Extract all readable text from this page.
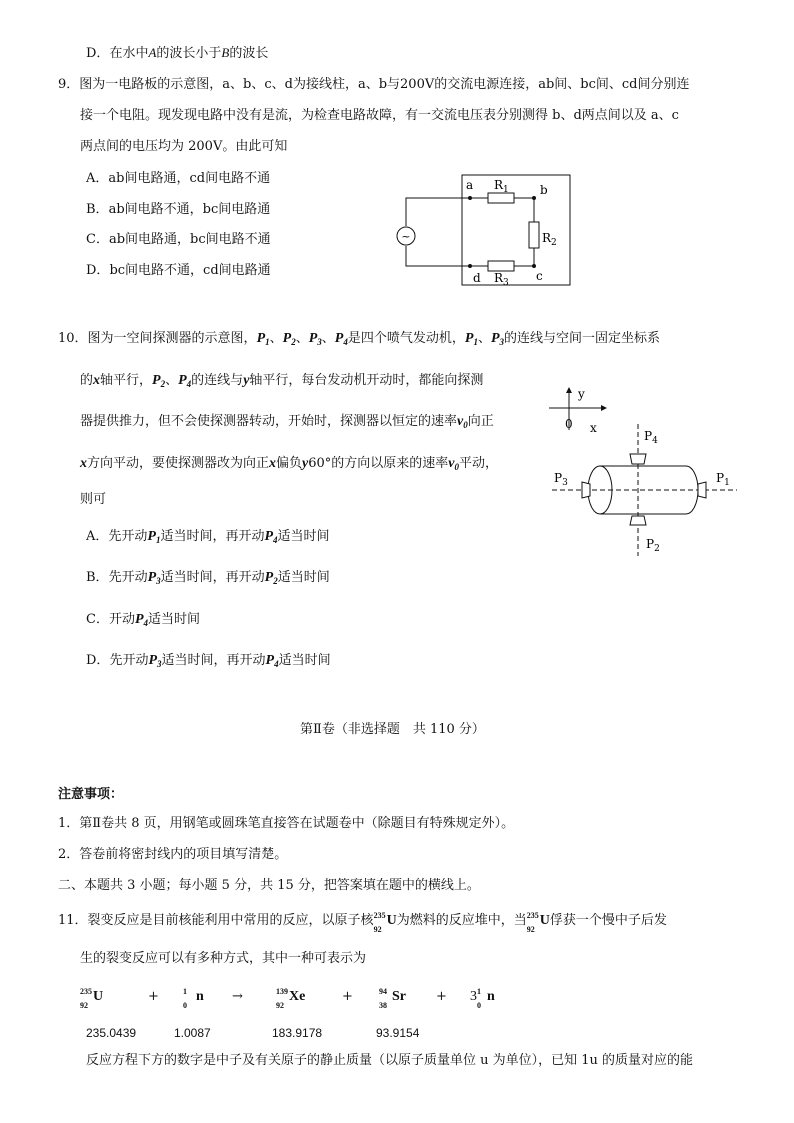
D．在水中A的波长小于B的波长
9．图为一电路板的示意图，a、b、c、d为接线柱，a、b与200V的交流电源连接，ab间、bc间、cd间分别连
接一个电阻。现发现电路中没有是流，为检查电路故障，有一交流电压表分别测得 b、d两点间以及 a、c
两点间的电压均为 200V。由此可知
A．ab间电路通，cd间电路不通
B．ab间电路不通，bc间电路通
C．ab间电路通，bc间电路不通
D．bc间电路不通，cd间电路通
~
a	b
c
d
$R_1$
$R_2$
$R_3$
10．图为一空间探测器的示意图，$P_1$、$P_2$、$P_3$、$P_4$是四个喷气发动机，$P_1$、$P_3$的连线与空间一固定坐标系
的x轴平行，$P_2$、$P_4$的连线与y轴平行，每台发动机开动时，都能向探测
器提供推力，但不会使探测器转动，开始时，探测器以恒定的速率$v_0$向正
x方向平动，要使探测器改为向正x偏负y60°的方向以原来的速率$v_0$平动，
则可
A．先开动$P_1$适当时间，再开动$P_4$适当时间
B．先开动$P_3$适当时间，再开动$P_2$适当时间
C．开动$P_4$适当时间
D．先开动$P_3$适当时间，再开动$P_4$适当时间
y
x
0
$P_4$
$P_2$
$P_3$	$P_1$
第Ⅱ卷（非选择题　共 110 分）
注意事项：
1．第Ⅱ卷共 8 页，用钢笔或圆珠笔直接答在试题卷中（除题目有特殊规定外）。
2．答卷前将密封线内的项目填写清楚。
二、本题共 3 小题；每小题 5 分，共 15 分，把答案填在题中的横线上。
11．裂变反应是目前核能利用中常用的反应，以原子核 235
92
U为燃料的反应堆中，当 235
92
U俘获一个慢中子后发
生的裂变反应可以有多种方式，其中一种可表示为
235
92
U	+	1
0
n →	139
92
Xe	+	94
38
Sr + 3 1
0
n
235.0439	1.0087	183.9178	93.9154
反应方程下方的数字是中子及有关原子的静止质量（以原子质量单位 u 为单位），已知 1u 的质量对应的能
